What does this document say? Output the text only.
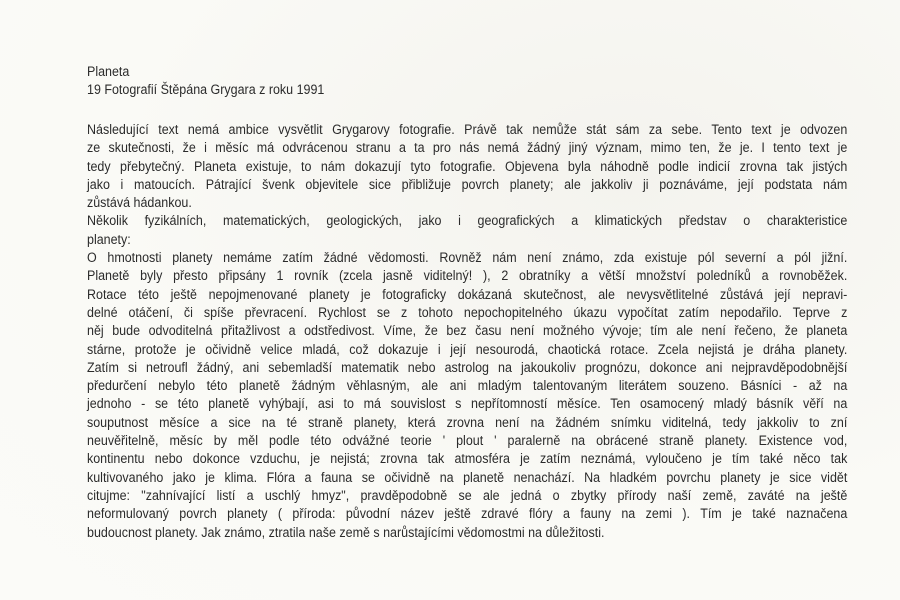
Planeta
19 Fotografií Štěpána Grygara z roku 1991
Následující text nemá ambice vysvětlit Grygarovy fotografie. Právě tak nemůže stát sám za sebe. Tento text je odvozen
ze skutečnosti, že i měsíc má odvrácenou stranu a ta pro nás nemá žádný jiný význam, mimo ten, že je. I tento text je
tedy přebytečný. Planeta existuje, to nám dokazují tyto fotografie. Objevena byla náhodně podle indicií zrovna tak jistých
jako i matoucích. Pátrající švenk objevitele sice přibližuje povrch planety; ale jakkoliv ji poznáváme, její podstata nám
zůstává hádankou.
Několik fyzikálních, matematických, geologických, jako i geografických a klimatických představ o charakteristice
planety:
O hmotnosti planety nemáme zatím žádné vědomosti. Rovněž nám není známo, zda existuje pól severní a pól jižní.
Planetě byly přesto připsány 1 rovník (zcela jasně viditelný! ), 2 obratníky a větší množství poledníků a rovnoběžek.
Rotace této ještě nepojmenované planety je fotograficky dokázaná skutečnost, ale nevysvětlitelné zůstává její nepravi-
delné otáčení, či spíše převracení. Rychlost se z tohoto nepochopitelného úkazu vypočítat zatím nepodařilo. Teprve z
něj bude odvoditelná přitažlivost a odstředivost. Víme, že bez času není možného vývoje; tím ale není řečeno, že planeta
stárne, protože je očividně velice mladá, což dokazuje i její nesourodá, chaotická rotace. Zcela nejistá je dráha planety.
Zatím si netroufl žádný, ani sebemladší matematik nebo astrolog na jakoukoliv prognózu, dokonce ani nejpravděpodobnější
předurčení nebylo této planetě žádným věhlasným, ale ani mladým talentovaným literátem souzeno. Básníci - až na
jednoho - se této planetě vyhýbají, asi to má souvislost s nepřítomností měsíce. Ten osamocený mladý básník věří na
souputnost měsíce a sice na té straně planety, která zrovna není na žádném snímku viditelná, tedy jakkoliv to zní
neuvěřitelně, měsíc by měl podle této odvážné teorie ' plout ' paralerně na obrácené straně planety. Existence vod,
kontinentu nebo dokonce vzduchu, je nejistá; zrovna tak atmosféra je zatím neznámá, vyloučeno je tím také něco tak
kultivovaného jako je klima. Flóra a fauna se očividně na planetě nenachází. Na hladkém povrchu planety je sice vidět
citujme: "zahnívající listí a uschlý hmyz", pravděpodobně se ale jedná o zbytky přírody naší země, zaváté na ještě
neformulovaný povrch planety ( příroda: původní název ještě zdravé flóry a fauny na zemi ). Tím je také naznačena
budoucnost planety. Jak známo, ztratila naše země s narůstajícími vědomostmi na důležitosti.
